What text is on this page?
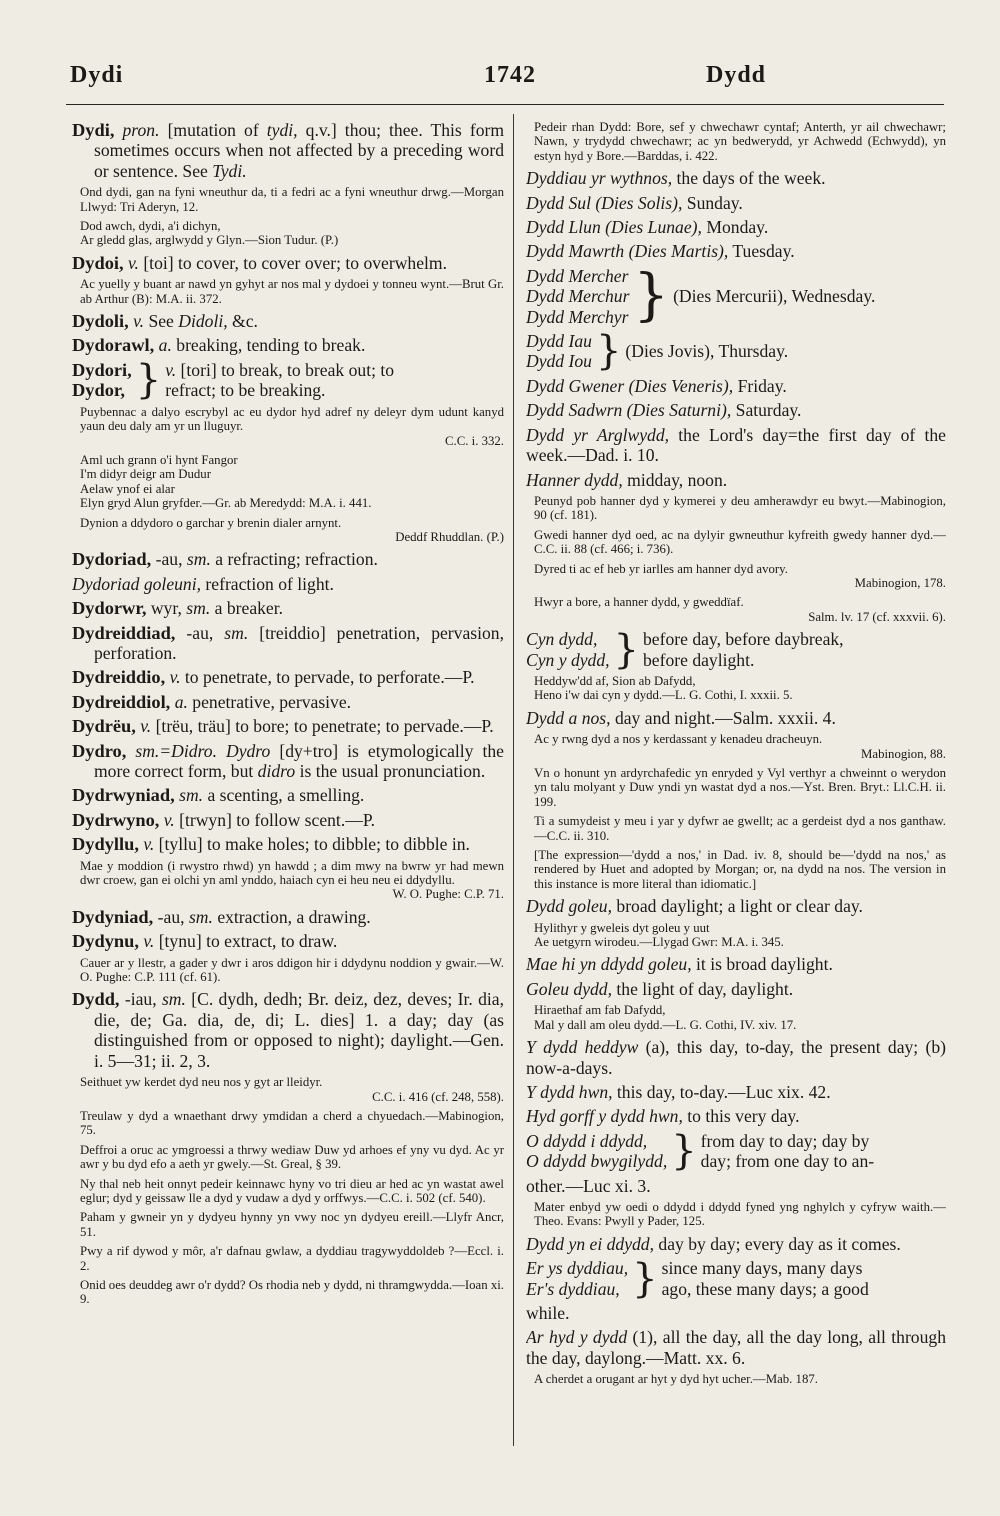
Dydi	1742	Dydd

Dydi, pron. [mutation of tydi, q.v.] thou; thee. This form sometimes occurs when not affected by a preceding word or sentence. See Tydi.

Ond dydi, gan na fyni wneuthur da, ti a fedri ac a fyni wneuthur drwg.—Morgan Llwyd: Tri Aderyn, 12.

Dod awch, dydi, a'i dichyn,
Ar gledd glas, arglwydd y Glyn.—Sion Tudur. (P.)

Dydoi, v. [toi] to cover, to cover over; to overwhelm.

Ac yuelly y buant ar nawd yn gyhyt ar nos mal y dydoei y tonneu wynt.—Brut Gr. ab Arthur (B): M.A. ii. 372.

Dydoli, v. See Didoli, &c.

Dydorawl, a. breaking, tending to break.

Dydori,
Dydor, } v. [tori] to break, to break out; to
refract; to be breaking.

Puybennac a dalyo escrybyl ac eu dydor hyd adref ny deleyr dym udunt kanyd yaun deu daly am yr un lluguyr.
C.C. i. 332.

Aml uch grann o'i hynt Fangor
I'm didyr deigr am Dudur
Aelaw ynof ei alar
Elyn gryd Alun gryfder.—Gr. ab Meredydd: M.A. i. 441.

Dynion a ddydoro o garchar y brenin dialer arnynt.
Deddf Rhuddlan. (P.)

Dydoriad, -au, sm. a refracting; refraction.

Dydoriad goleuni, refraction of light.

Dydorwr, wyr, sm. a breaker.

Dydreiddiad, -au, sm. [treiddio] penetration, pervasion, perforation.

Dydreiddio, v. to penetrate, to pervade, to perforate.—P.

Dydreiddiol, a. penetrative, pervasive.

Dydrëu, v. [trëu, träu] to bore; to penetrate; to pervade.—P.

Dydro, sm.=Didro. Dydro [dy+tro] is etymologically the more correct form, but didro is the usual pronunciation.

Dydrwyniad, sm. a scenting, a smelling.

Dydrwyno, v. [trwyn] to follow scent.—P.

Dydyllu, v. [tyllu] to make holes; to dibble; to dibble in.

Mae y moddion (i rwystro rhwd) yn hawdd ; a dim mwy na bwrw yr had mewn dwr croew, gan ei olchi yn aml ynddo, haiach cyn ei heu neu ei ddydyllu.
W. O. Pughe: C.P. 71.

Dydyniad, -au, sm. extraction, a drawing.

Dydynu, v. [tynu] to extract, to draw.

Cauer ar y llestr, a gader y dwr i aros ddigon hir i ddydynu noddion y gwair.—W. O. Pughe: C.P. 111 (cf. 61).

Dydd, -iau, sm. [C. dydh, dedh; Br. deiz, dez, deves; Ir. dia, die, de; Ga. dia, de, di; L. dies] 1. a day; day (as distinguished from or opposed to night); daylight.—Gen. i. 5—31; ii. 2, 3.

Seithuet yw kerdet dyd neu nos y gyt ar lleidyr.
C.C. i. 416 (cf. 248, 558).

Treulaw y dyd a wnaethant drwy ymdidan a cherd a chyuedach.—Mabinogion, 75.

Deffroi a oruc ac ymgroessi a thrwy wediaw Duw yd arhoes ef yny vu dyd. Ac yr awr y bu dyd efo a aeth yr gwely.—St. Greal, § 39.

Ny thal neb heit onnyt pedeir keinnawc hyny vo tri dieu ar hed ac yn wastat awel eglur; dyd y geissaw lle a dyd y vudaw a dyd y orffwys.—C.C. i. 502 (cf. 540).

Paham y gwneir yn y dydyeu hynny yn vwy noc yn dydyeu ereill.—Llyfr Ancr, 51.

Pwy a rif dywod y môr, a'r dafnau gwlaw, a dyddiau tragywyddoldeb ?—Eccl. i. 2.

Onid oes deuddeg awr o'r dydd? Os rhodia neb y dydd, ni thramgwydda.—Ioan xi. 9.

Pedeir rhan Dydd: Bore, sef y chwechawr cyntaf; Anterth, yr ail chwechawr; Nawn, y trydydd chwechawr; ac yn bedwerydd, yr Achwedd (Echwydd), yn estyn hyd y Bore.—Barddas, i. 422.

Dyddiau yr wythnos, the days of the week.

Dydd Sul (Dies Solis), Sunday.

Dydd Llun (Dies Lunae), Monday.

Dydd Mawrth (Dies Martis), Tuesday.

Dydd Mercher
Dydd Merchur
Dydd Merchyr } (Dies Mercurii), Wednesday.
Dydd Iau
Dydd Iou } (Dies Jovis), Thursday.

Dydd Gwener (Dies Veneris), Friday.

Dydd Sadwrn (Dies Saturni), Saturday.

Dydd yr Arglwydd, the Lord's day=the first day of the week.—Dad. i. 10.

Hanner dydd, midday, noon.

Peunyd pob hanner dyd y kymerei y deu amherawdyr eu bwyt.—Mabinogion, 90 (cf. 181).

Gwedi hanner dyd oed, ac na dylyir gwneuthur kyfreith gwedy hanner dyd.—C.C. ii. 88 (cf. 466; i. 736).

Dyred ti ac ef heb yr iarlles am hanner dyd avory.
Mabinogion, 178.

Hwyr a bore, a hanner dydd, y gweddïaf.
Salm. lv. 17 (cf. xxxvii. 6).

Cyn dydd,
Cyn y dydd, } before day, before daybreak,
before daylight.

Heddyw'dd af, Sion ab Dafydd,
Heno i'w dai cyn y dydd.—L. G. Cothi, I. xxxii. 5.

Dydd a nos, day and night.—Salm. xxxii. 4.

Ac y rwng dyd a nos y kerdassant y kenadeu dracheuyn.
Mabinogion, 88.

Vn o honunt yn ardyrchafedic yn enryded y Vyl verthyr a chweinnt o werydon yn talu molyant y Duw yndi yn wastat dyd a nos.—Yst. Bren. Bryt.: Ll.C.H. ii. 199.

Ti a sumydeist y meu i yar y dyfwr ae gwellt; ac a gerdeist dyd a nos ganthaw.—C.C. ii. 310.

[The expression—'dydd a nos,' in Dad. iv. 8, should be—'dydd na nos,' as rendered by Huet and adopted by Morgan; or, na dydd na nos. The version in this instance is more literal than idiomatic.]

Dydd goleu, broad daylight; a light or clear day.

Hylithyr y gweleis dyt goleu y uut
Ae uetgyrn wirodeu.—Llygad Gwr: M.A. i. 345.

Mae hi yn ddydd goleu, it is broad daylight.

Goleu dydd, the light of day, daylight.

Hiraethaf am fab Dafydd,
Mal y dall am oleu dydd.—L. G. Cothi, IV. xiv. 17.

Y dydd heddyw (a), this day, to-day, the present day; (b) now-a-days.

Y dydd hwn, this day, to-day.—Luc xix. 42.

Hyd gorff y dydd hwn, to this very day.

O ddydd i ddydd,
O ddydd bwygilydd, } from day to day; day by
day; from one day to an-

other.—Luc xi. 3.

Mater enbyd yw oedi o ddydd i ddydd fyned yng nghylch y cyfryw waith.—Theo. Evans: Pwyll y Pader, 125.

Dydd yn ei ddydd, day by day; every day as it comes.

Er ys dyddiau,
Er's dyddiau, } since many days, many days
ago, these many days; a good

while.

Ar hyd y dydd (1), all the day, all the day long, all through the day, daylong.—Matt. xx. 6.

A cherdet a orugant ar hyt y dyd hyt ucher.—Mab. 187.
